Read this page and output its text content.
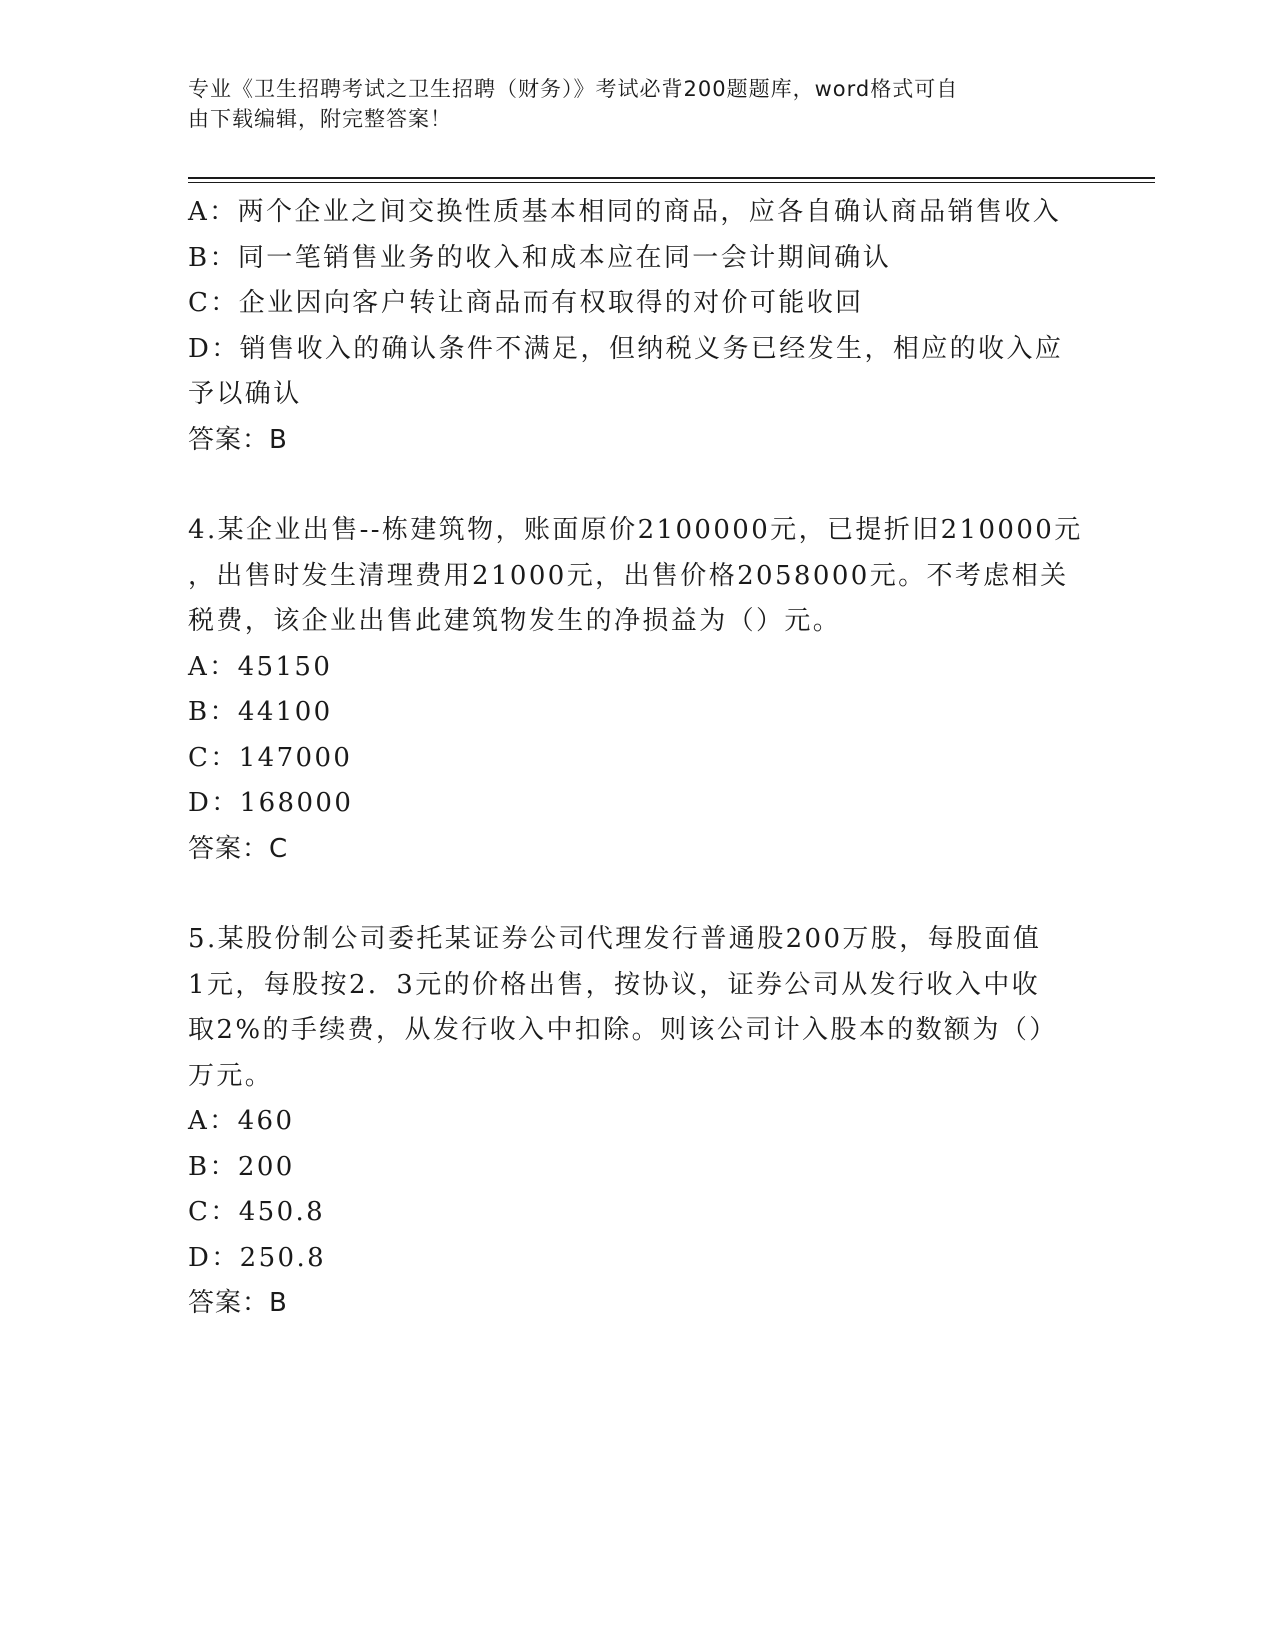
专业《卫生招聘考试之卫生招聘（财务）》考试必背200题题库，word格式可自
由下载编辑，附完整答案！
A：两个企业之间交换性质基本相同的商品，应各自确认商品销售收入
B：同一笔销售业务的收入和成本应在同一会计期间确认
C：企业因向客户转让商品而有权取得的对价可能收回
D：销售收入的确认条件不满足，但纳税义务已经发生，相应的收入应
予以确认
答案：B
4.某企业出售--栋建筑物，账面原价2100000元，已提折旧210000元
，出售时发生清理费用21000元，出售价格2058000元。不考虑相关
税费，该企业出售此建筑物发生的净损益为（）元。
A：45150
B：44100
C：147000
D：168000
答案：C
5.某股份制公司委托某证券公司代理发行普通股200万股，每股面值
1元，每股按2．3元的价格出售，按协议，证券公司从发行收入中收
取2%的手续费，从发行收入中扣除。则该公司计入股本的数额为（）
万元。
A：460
B：200
C：450.8
D：250.8
答案：B
